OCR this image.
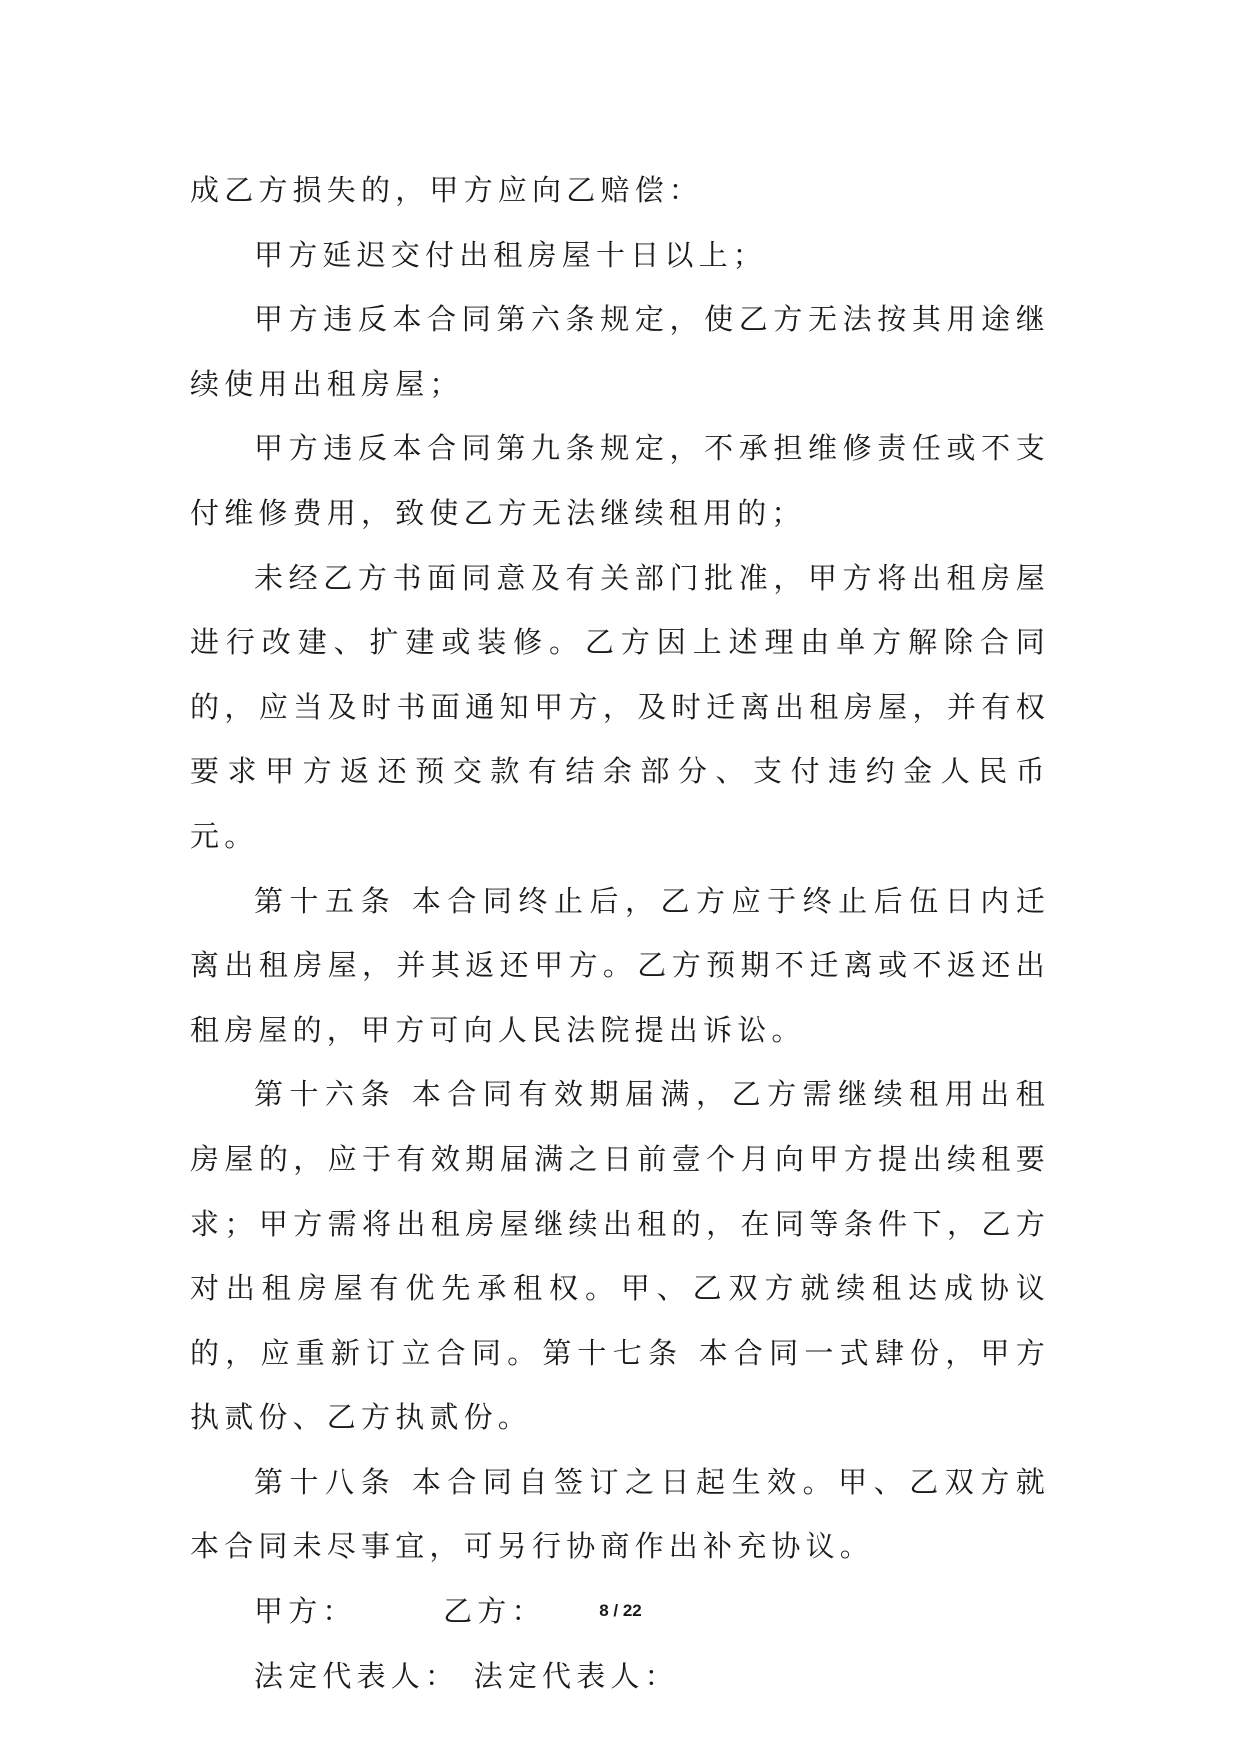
成乙方损失的，甲方应向乙赔偿：

甲方延迟交付出租房屋十日以上；

甲方违反本合同第六条规定，使乙方无法按其用途继续使用出租房屋；

甲方违反本合同第九条规定，不承担维修责任或不支付维修费用，致使乙方无法继续租用的；

未经乙方书面同意及有关部门批准，甲方将出租房屋进行改建、扩建或装修。乙方因上述理由单方解除合同的，应当及时书面通知甲方，及时迁离出租房屋，并有权要求甲方返还预交款有结余部分、支付违约金人民币 元。

第十五条 本合同终止后，乙方应于终止后伍日内迁离出租房屋，并其返还甲方。乙方预期不迁离或不返还出租房屋的，甲方可向人民法院提出诉讼。

第十六条 本合同有效期届满，乙方需继续租用出租房屋的，应于有效期届满之日前壹个月向甲方提出续租要求；甲方需将出租房屋继续出租的，在同等条件下，乙方对出租房屋有优先承租权。甲、乙双方就续租达成协议的，应重新订立合同。第十七条 本合同一式肆份，甲方执贰份、乙方执贰份。

第十八条 本合同自签订之日起生效。甲、乙双方就本合同未尽事宜，可另行协商作出补充协议。

甲方：      乙方：

法定代表人： 法定代表人：

8 / 22
